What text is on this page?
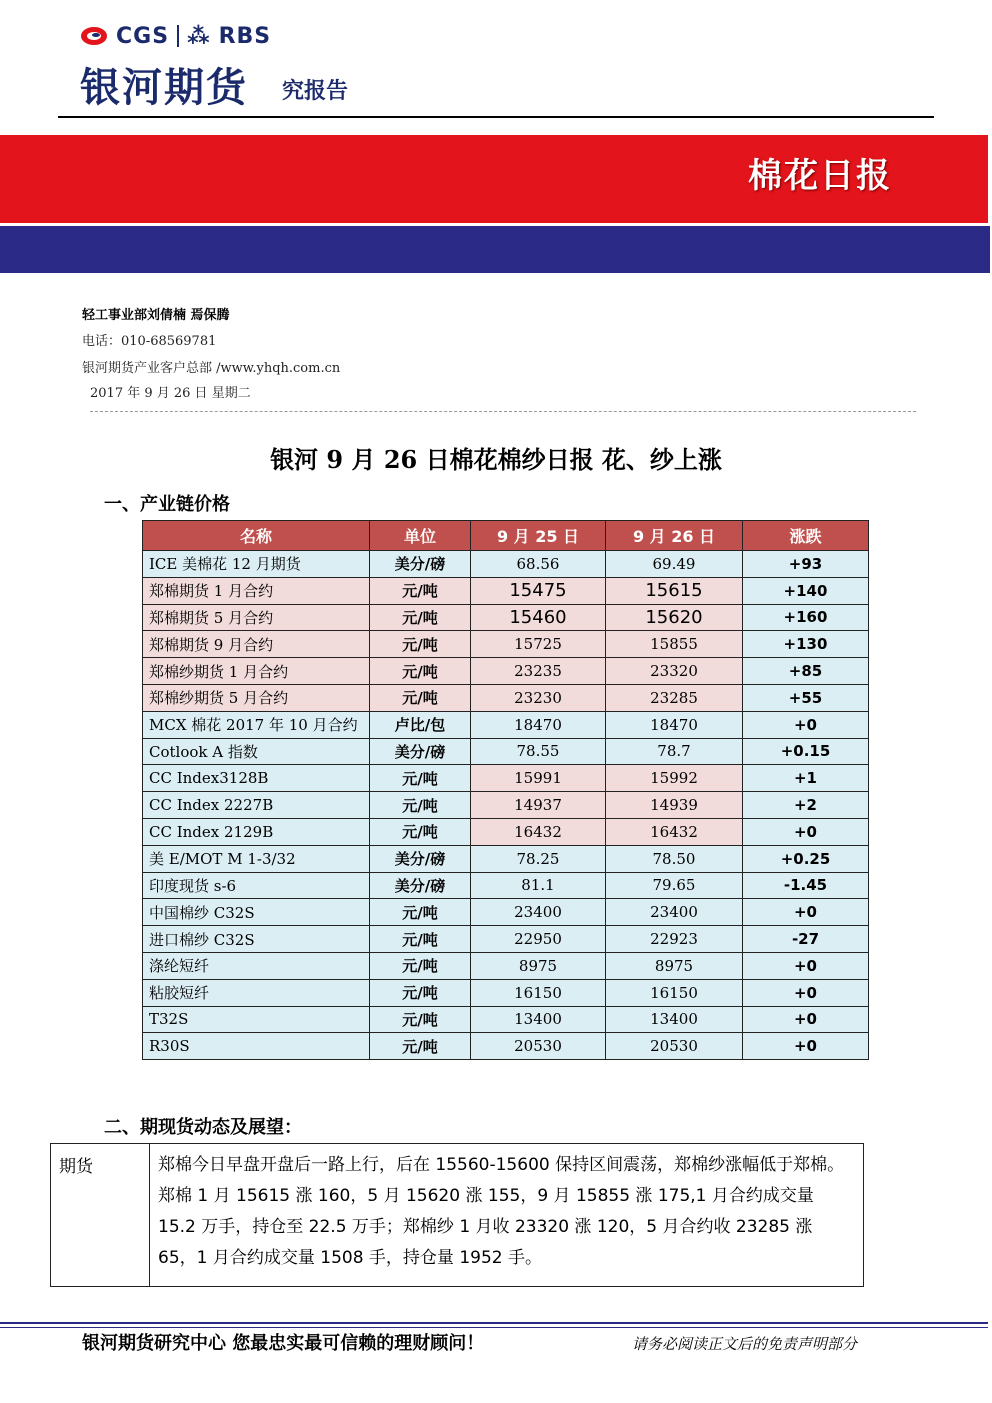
CGS ⁂ RBS
银河期货 究报告
棉花日报
轻工事业部刘倩楠 焉保腾
电话：010-68569781
银河期货产业客户总部 /www.yhqh.com.cn
2017 年 9 月 26 日 星期二
银河 9 月 26 日棉花棉纱日报 花、纱上涨
一、产业链价格
名称	单位	9 月 25 日	9 月 26 日	涨跌
ICE 美棉花 12 月期货	美分/磅	68.56	69.49	+93
郑棉期货 1 月合约	元/吨	15475	15615	+140
郑棉期货 5 月合约	元/吨	15460	15620	+160
郑棉期货 9 月合约	元/吨	15725	15855	+130
郑棉纱期货 1 月合约	元/吨	23235	23320	+85
郑棉纱期货 5 月合约	元/吨	23230	23285	+55
MCX 棉花 2017 年 10 月合约	卢比/包	18470	18470	+0
Cotlook A 指数	美分/磅	78.55	78.7	+0.15
CC Index3128B	元/吨	15991	15992	+1
CC Index 2227B	元/吨	14937	14939	+2
CC Index 2129B	元/吨	16432	16432	+0
美 E/MOT M 1-3/32	美分/磅	78.25	78.50	+0.25
印度现货 s-6	美分/磅	81.1	79.65	-1.45
中国棉纱 C32S	元/吨	23400	23400	+0
进口棉纱 C32S	元/吨	22950	22923	-27
涤纶短纤	元/吨	8975	8975	+0
粘胶短纤	元/吨	16150	16150	+0
T32S	元/吨	13400	13400	+0
R30S	元/吨	20530	20530	+0
二、期现货动态及展望：
期货	郑棉今日早盘开盘后一路上行，后在 15560-15600 保持区间震荡，郑棉纱涨幅低于郑棉。郑棉 1 月 15615 涨 160，5 月 15620 涨 155，9 月 15855 涨 175,1 月合约成交量 15.2 万手，持仓至 22.5 万手；郑棉纱 1 月收 23320 涨 120，5 月合约收 23285 涨 65，1 月合约成交量 1508 手，持仓量 1952 手。
银河期货研究中心 您最忠实最可信赖的理财顾问！	请务必阅读正文后的免责声明部分
